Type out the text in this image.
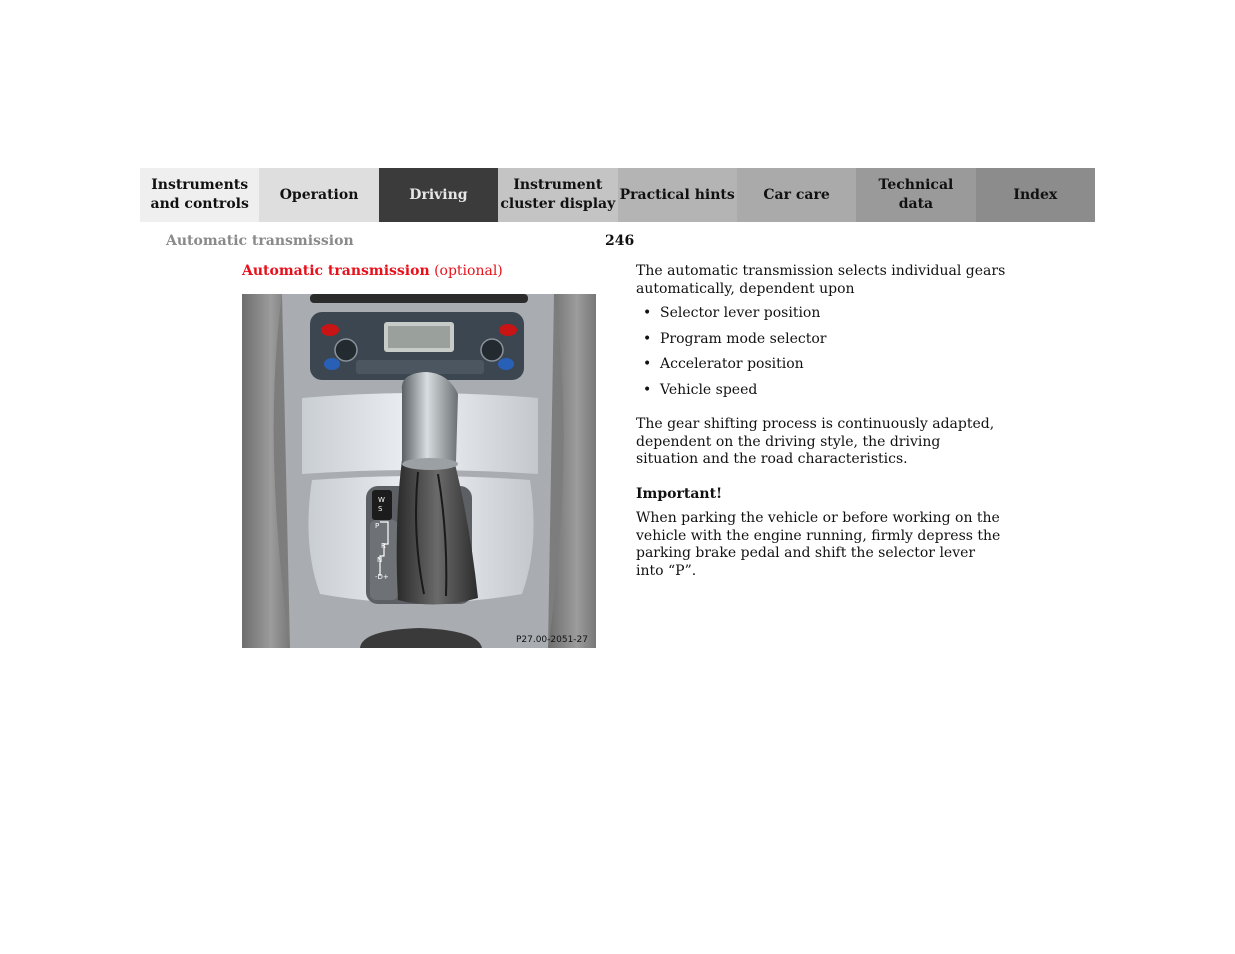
Instruments
and controls
Operation	Driving
Instrument
cluster display
Practical hints	Car care
Technical
data
Index
Automatic transmission	246
Automatic transmission (optional)
W
S
P
R
N
-D+
P27.00-2051-27

The automatic transmission selects individual gears automatically, dependent upon

• Selector lever position
• Program mode selector
• Accelerator position
• Vehicle speed

The gear shifting process is continuously adapted, dependent on the driving style, the driving situation and the road characteristics.

Important!

When parking the vehicle or before working on the vehicle with the engine running, firmly depress the parking brake pedal and shift the selector lever into “P”.
